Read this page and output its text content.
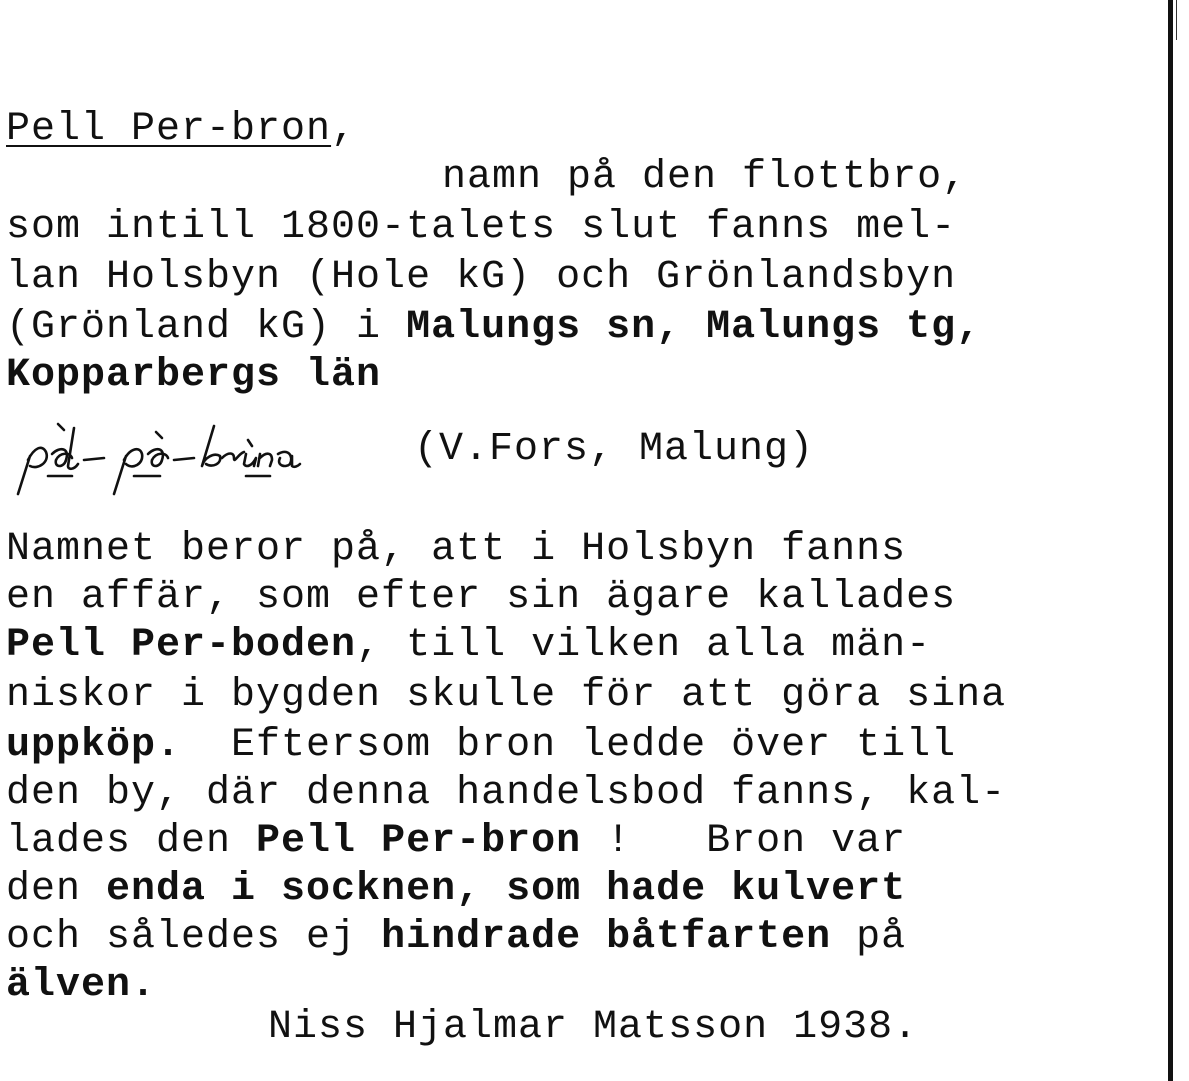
Pell Per-bron,
namn på den flottbro,
som intill 1800-talets slut fanns mel-
lan Holsbyn (Hole kG) och Grönlandsbyn
(Grönland kG) i Malungs sn, Malungs tg,
Kopparbergs län
(V.Fors, Malung)
Namnet beror på, att i Holsbyn fanns
en affär, som efter sin ägare kallades
Pell Per-boden, till vilken alla män-
niskor i bygden skulle för att göra sina
uppköp.  Eftersom bron ledde över till
den by, där denna handelsbod fanns, kal-
lades den Pell Per-bron !   Bron var
den enda i socknen, som hade kulvert
och således ej hindrade båtfarten på
älven.
Niss Hjalmar Matsson 1938.
